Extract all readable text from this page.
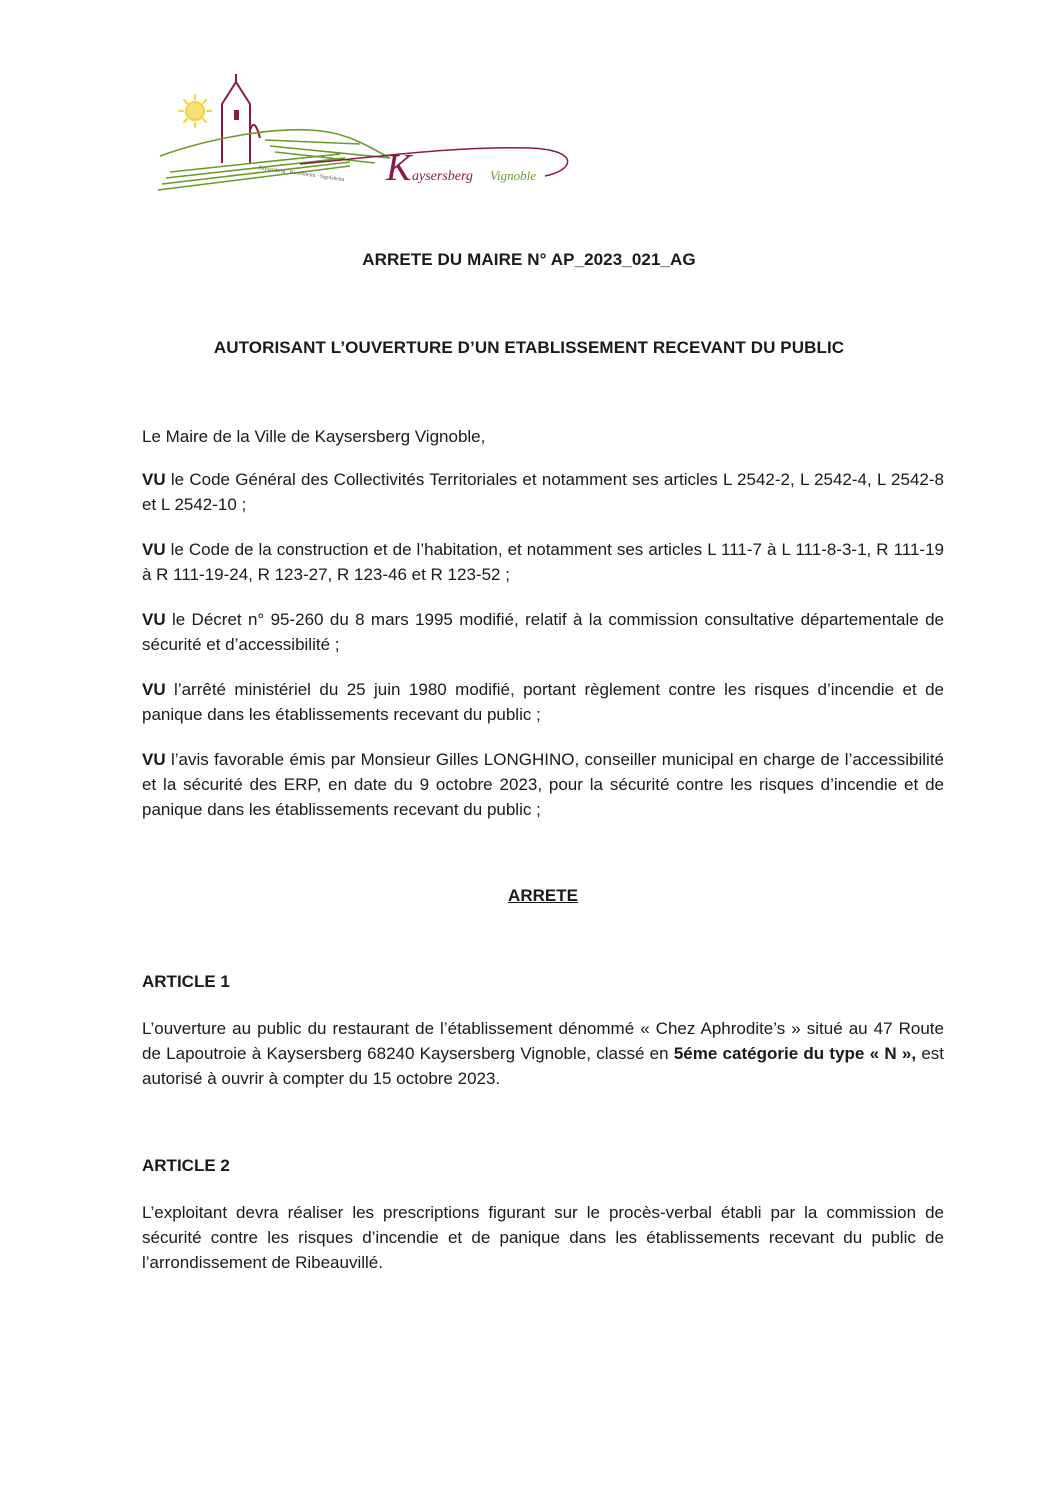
Kaysersberg · Kientzheim · Sigolsheim K aysersberg Vignoble
ARRETE DU MAIRE N° AP_2023_021_AG
AUTORISANT L’OUVERTURE D’UN ETABLISSEMENT RECEVANT DU PUBLIC
Le Maire de la Ville de Kaysersberg Vignoble,
VU le Code Général des Collectivités Territoriales et notamment ses articles L 2542-2, L 2542-4, L 2542-8 et L 2542-10 ;
VU le Code de la construction et de l’habitation, et notamment ses articles L 111-7 à L 111-8-3-1, R 111-19 à R 111-19-24, R 123-27, R 123-46 et R 123-52 ;
VU le Décret n° 95-260 du 8 mars 1995 modifié, relatif à la commission consultative départementale de sécurité et d’accessibilité ;
VU l’arrêté ministériel du 25 juin 1980 modifié, portant règlement contre les risques d’incendie et de panique dans les établissements recevant du public ;
VU l’avis favorable émis par Monsieur Gilles LONGHINO, conseiller municipal en charge de l’accessibilité et la sécurité des ERP, en date du 9 octobre 2023, pour la sécurité contre les risques d’incendie et de panique dans les établissements recevant du public ;
ARRETE
ARTICLE 1
L’ouverture au public du restaurant de l’établissement dénommé « Chez Aphrodite’s » situé au 47 Route de Lapoutroie à Kaysersberg 68240 Kaysersberg Vignoble, classé en 5éme catégorie du type « N », est autorisé à ouvrir à compter du 15 octobre 2023.
ARTICLE 2
L’exploitant devra réaliser les prescriptions figurant sur le procès-verbal établi par la commission de sécurité contre les risques d’incendie et de panique dans les établissements recevant du public de l’arrondissement de Ribeauvillé.
